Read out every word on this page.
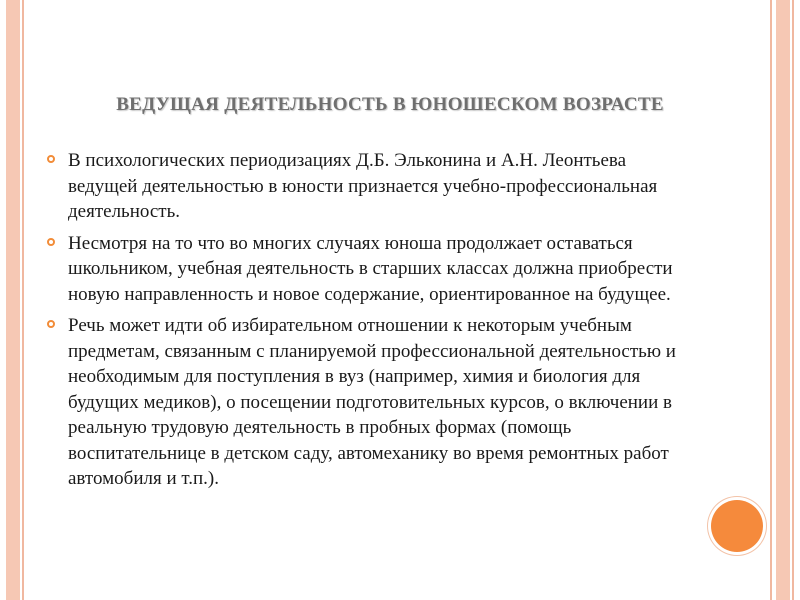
ВЕДУЩАЯ ДЕЯТЕЛЬНОСТЬ В ЮНОШЕСКОМ ВОЗРАСТЕ
В психологических периодизациях Д.Б. Эльконина и А.Н. Леонтьева ведущей деятельностью в юности признается учебно-профессиональная деятельность.
Несмотря на то что во многих случаях юноша продолжает оставаться школьником, учебная деятельность в старших классах должна приобрести новую направленность и новое содержание, ориентированное на будущее.
Речь может идти об избирательном отношении к некоторым учебным предметам, связанным с планируемой профессиональной деятельностью и необходимым для поступления в вуз (например, химия и биология для будущих медиков), о посещении подготовительных курсов, о включении в реальную трудовую деятельность в пробных формах (помощь воспитательнице в детском саду, автомеханику во время ремонтных работ автомобиля и т.п.).
